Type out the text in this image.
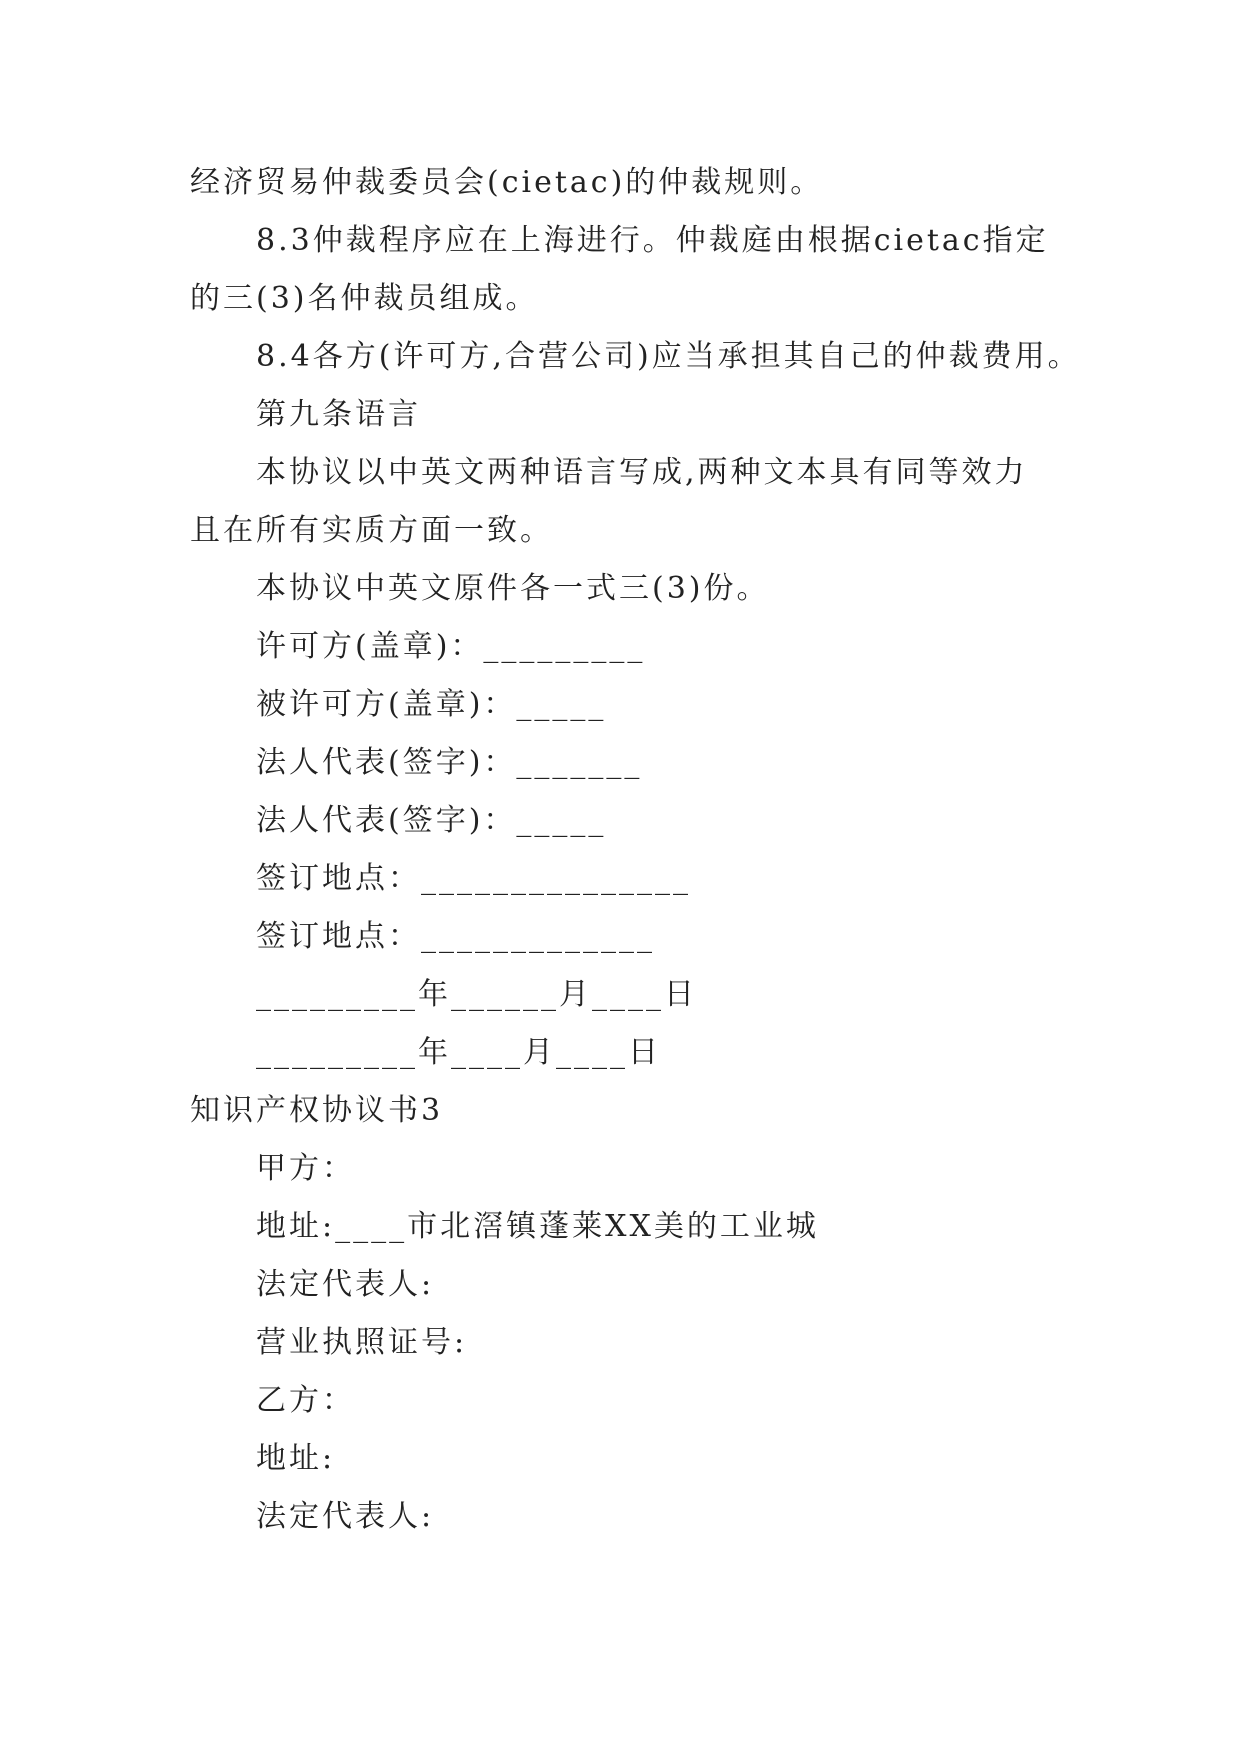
经济贸易仲裁委员会(cietac)的仲裁规则。
8.3仲裁程序应在上海进行。仲裁庭由根据cietac指定
的三(3)名仲裁员组成。
8.4各方(许可方,合营公司)应当承担其自己的仲裁费用。
第九条语言
本协议以中英文两种语言写成,两种文本具有同等效力
且在所有实质方面一致。
本协议中英文原件各一式三(3)份。
许可方(盖章)：_________
被许可方(盖章)：_____
法人代表(签字)：_______
法人代表(签字)：_____
签订地点：_______________
签订地点：_____________
_________年______月____日
_________年____月____日
知识产权协议书3
甲方：
地址:____市北滘镇蓬莱XX美的工业城
法定代表人:
营业执照证号:
乙方：
地址:
法定代表人:
